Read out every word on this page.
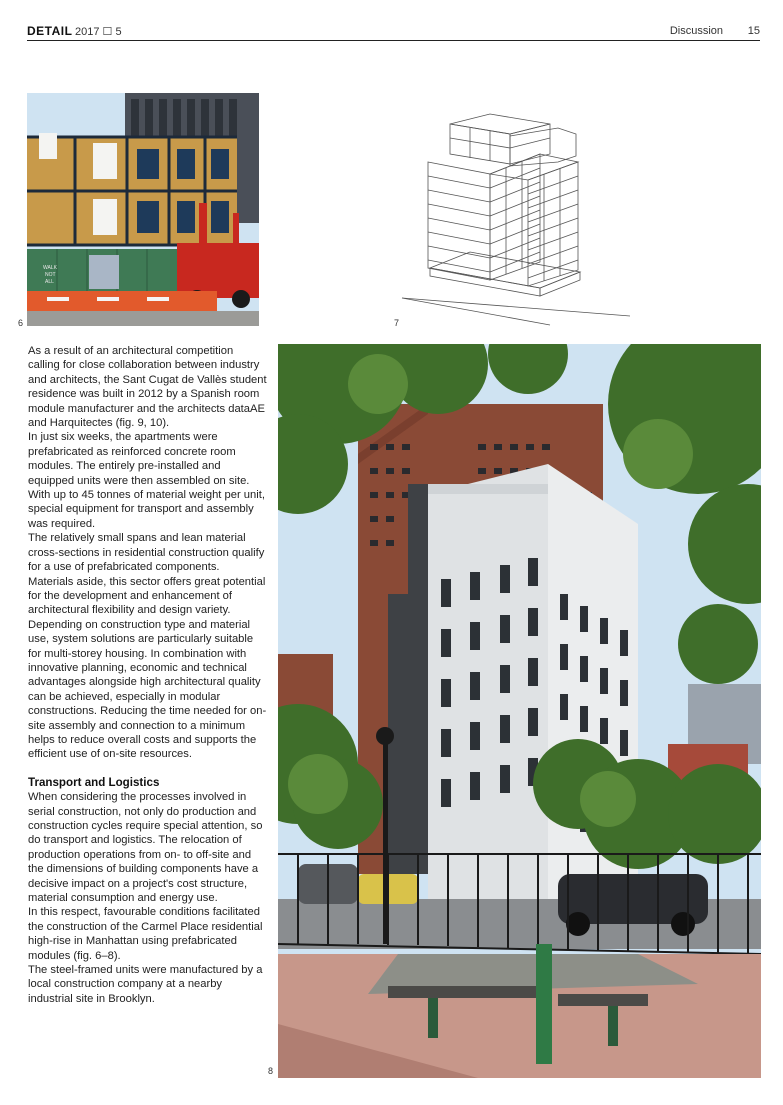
DETAIL 2017 ☐ 5	Discussion 15
WALK
NOT
ALL
6	7

As a result of an architectural competition calling for close collaboration between industry and architects, the Sant Cugat de Vallès student residence was built in 2012 by a Spanish room module manufacturer and the architects dataAE and Harquitectes (fig. 9, 10).

In just six weeks, the apartments were prefabricated as reinforced concrete room modules. The entirely pre-installed and equipped units were then assembled on site. With up to 45 tonnes of material weight per unit, special equipment for transport and assembly was required.

The relatively small spans and lean material cross-sections in residential construction qualify for a use of prefabricated components. Materials aside, this sector offers great potential for the development and enhancement of architectural flexibility and design variety.

Depending on construction type and material use, system solutions are particularly suitable for multi-storey housing. In combination with innovative planning, economic and technical advantages alongside high architectural quality can be achieved, especially in modular constructions. Reducing the time needed for on-site assembly and connection to a minimum helps to reduce overall costs and supports the efficient use of on-site resources.

Transport and Logistics

When considering the processes involved in serial construction, not only do production and construction cycles require special attention, so do transport and logistics. The relocation of production operations from on- to off-site and the dimensions of building components have a decisive impact on a project's cost structure, material consumption and energy use.

In this respect, favourable conditions facilitated the construction of the Carmel Place residential high-rise in Manhattan using prefabricated modules (fig. 6–8).

The steel-framed units were manufactured by a local construction company at a nearby industrial site in Brooklyn.

8
